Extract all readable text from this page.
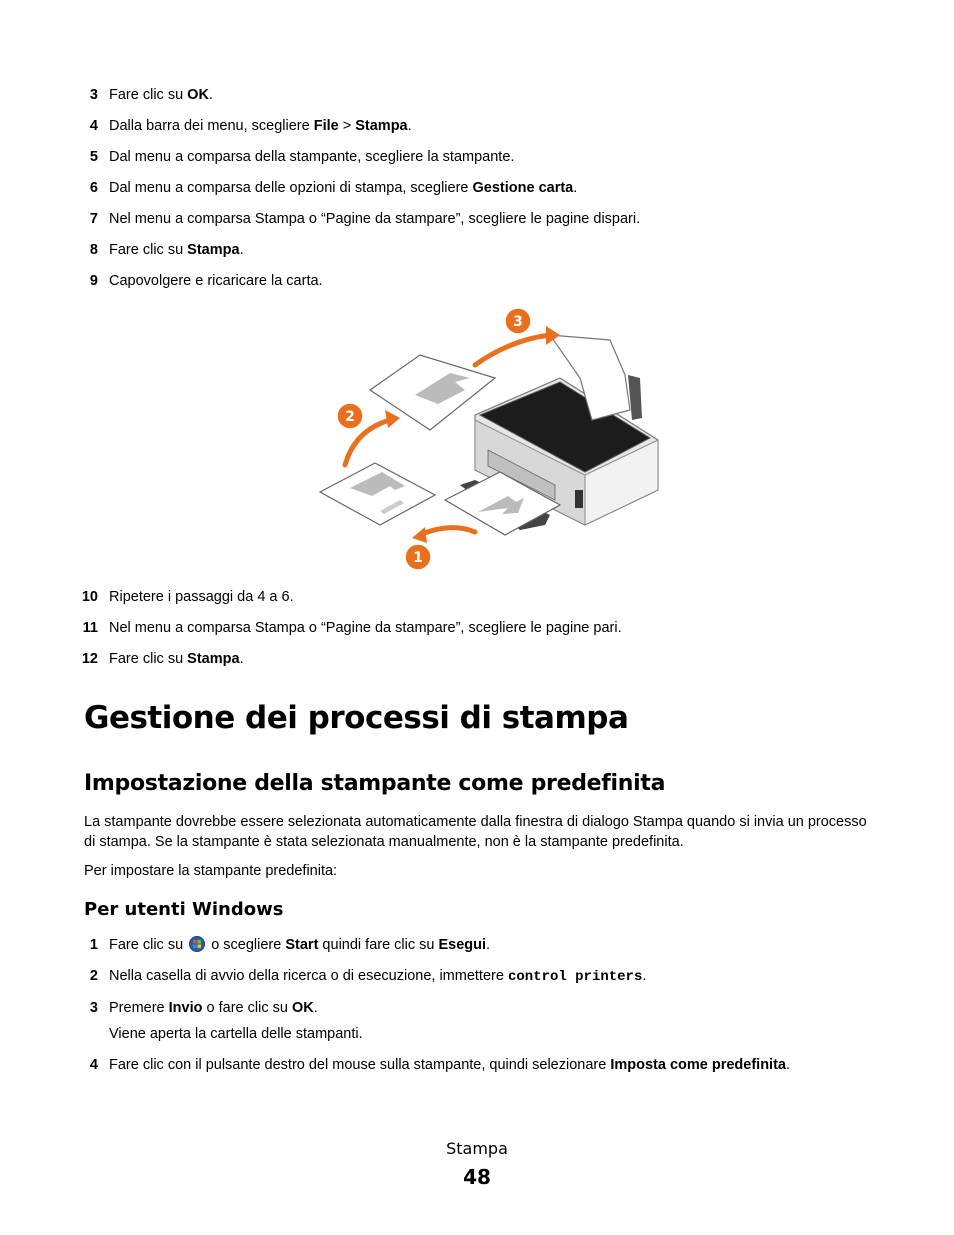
3 Fare clic su OK.
4 Dalla barra dei menu, scegliere File > Stampa.
5 Dal menu a comparsa della stampante, scegliere la stampante.
6 Dal menu a comparsa delle opzioni di stampa, scegliere Gestione carta.
7 Nel menu a comparsa Stampa o “Pagine da stampare”, scegliere le pagine dispari.
8 Fare clic su Stampa.
9 Capovolgere e ricaricare la carta.
1
2
3
10 Ripetere i passaggi da 4 a 6.
11 Nel menu a comparsa Stampa o “Pagine da stampare”, scegliere le pagine pari.
12 Fare clic su Stampa.
Gestione dei processi di stampa
Impostazione della stampante come predefinita
La stampante dovrebbe essere selezionata automaticamente dalla finestra di dialogo Stampa quando si invia un processo di stampa. Se la stampante è stata selezionata manualmente, non è la stampante predefinita.
Per impostare la stampante predefinita:
Per utenti Windows
1 Fare clic su  o scegliere Start quindi fare clic su Esegui.
2 Nella casella di avvio della ricerca o di esecuzione, immettere control printers.
3 Premere Invio o fare clic su OK.
Viene aperta la cartella delle stampanti.
4 Fare clic con il pulsante destro del mouse sulla stampante, quindi selezionare Imposta come predefinita.
Stampa
48
